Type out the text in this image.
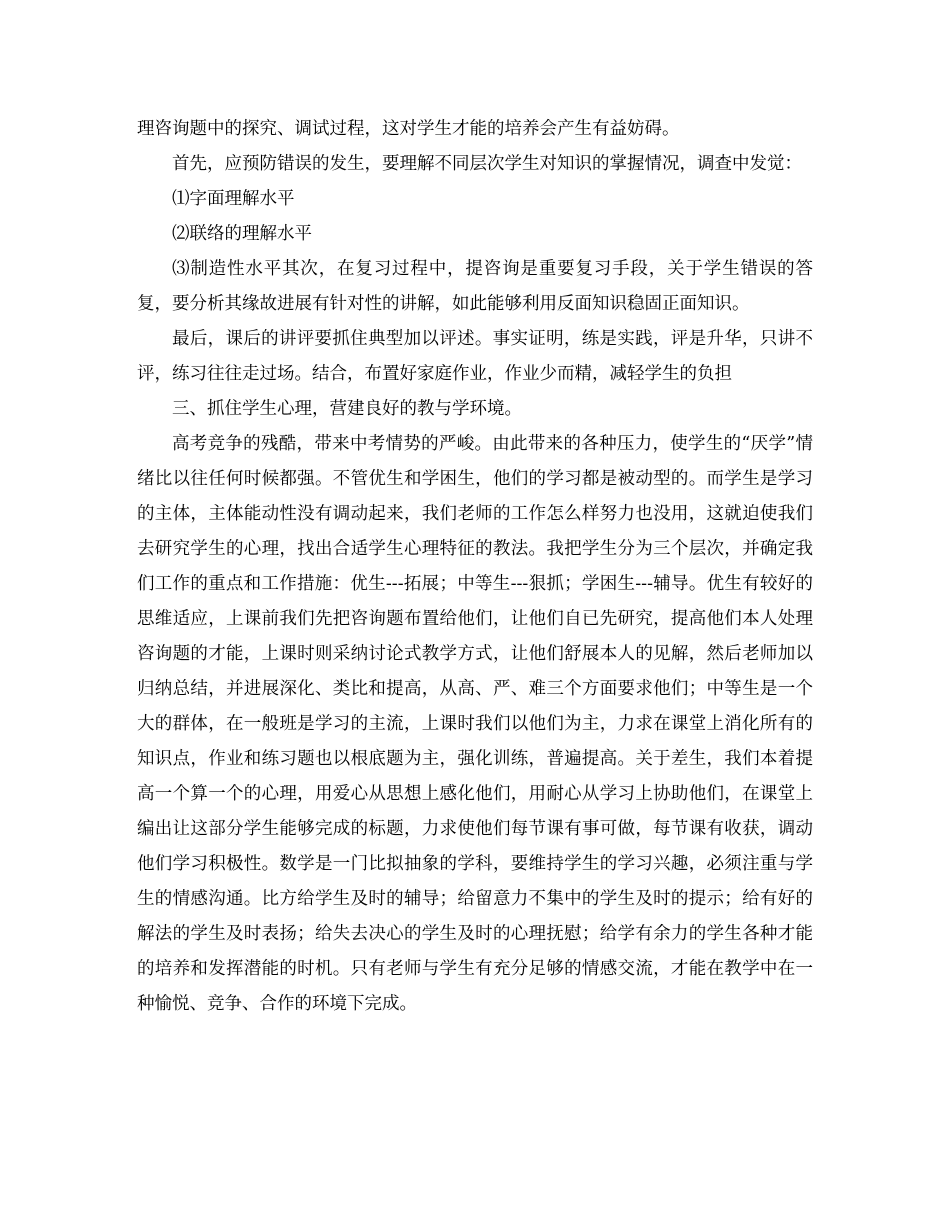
理咨询题中的探究、调试过程，这对学生才能的培养会产生有益妨碍。

首先，应预防错误的发生，要理解不同层次学生对知识的掌握情况，调查中发觉：

⑴字面理解水平

⑵联络的理解水平

⑶制造性水平其次，在复习过程中，提咨询是重要复习手段，关于学生错误的答复，要分析其缘故进展有针对性的讲解，如此能够利用反面知识稳固正面知识。

最后，课后的讲评要抓住典型加以评述。事实证明，练是实践，评是升华，只讲不评，练习往往走过场。结合，布置好家庭作业，作业少而精，减轻学生的负担

三、抓住学生心理，营建良好的教与学环境。

高考竞争的残酷，带来中考情势的严峻。由此带来的各种压力，使学生的“厌学”情绪比以往任何时候都强。不管优生和学困生，他们的学习都是被动型的。而学生是学习的主体，主体能动性没有调动起来，我们老师的工作怎么样努力也没用，这就迫使我们去研究学生的心理，找出合适学生心理特征的教法。我把学生分为三个层次，并确定我们工作的重点和工作措施：优生---拓展；中等生---狠抓；学困生---辅导。优生有较好的思维适应，上课前我们先把咨询题布置给他们，让他们自已先研究，提高他们本人处理咨询题的才能，上课时则采纳讨论式教学方式，让他们舒展本人的见解，然后老师加以归纳总结，并进展深化、类比和提高，从高、严、难三个方面要求他们；中等生是一个大的群体，在一般班是学习的主流，上课时我们以他们为主，力求在课堂上消化所有的知识点，作业和练习题也以根底题为主，强化训练，普遍提高。关于差生，我们本着提高一个算一个的心理，用爱心从思想上感化他们，用耐心从学习上协助他们，在课堂上编出让这部分学生能够完成的标题，力求使他们每节课有事可做，每节课有收获，调动他们学习积极性。数学是一门比拟抽象的学科，要维持学生的学习兴趣，必须注重与学生的情感沟通。比方给学生及时的辅导；给留意力不集中的学生及时的提示；给有好的解法的学生及时表扬；给失去决心的学生及时的心理抚慰；给学有余力的学生各种才能的培养和发挥潜能的时机。只有老师与学生有充分足够的情感交流，才能在教学中在一种愉悦、竞争、合作的环境下完成。
